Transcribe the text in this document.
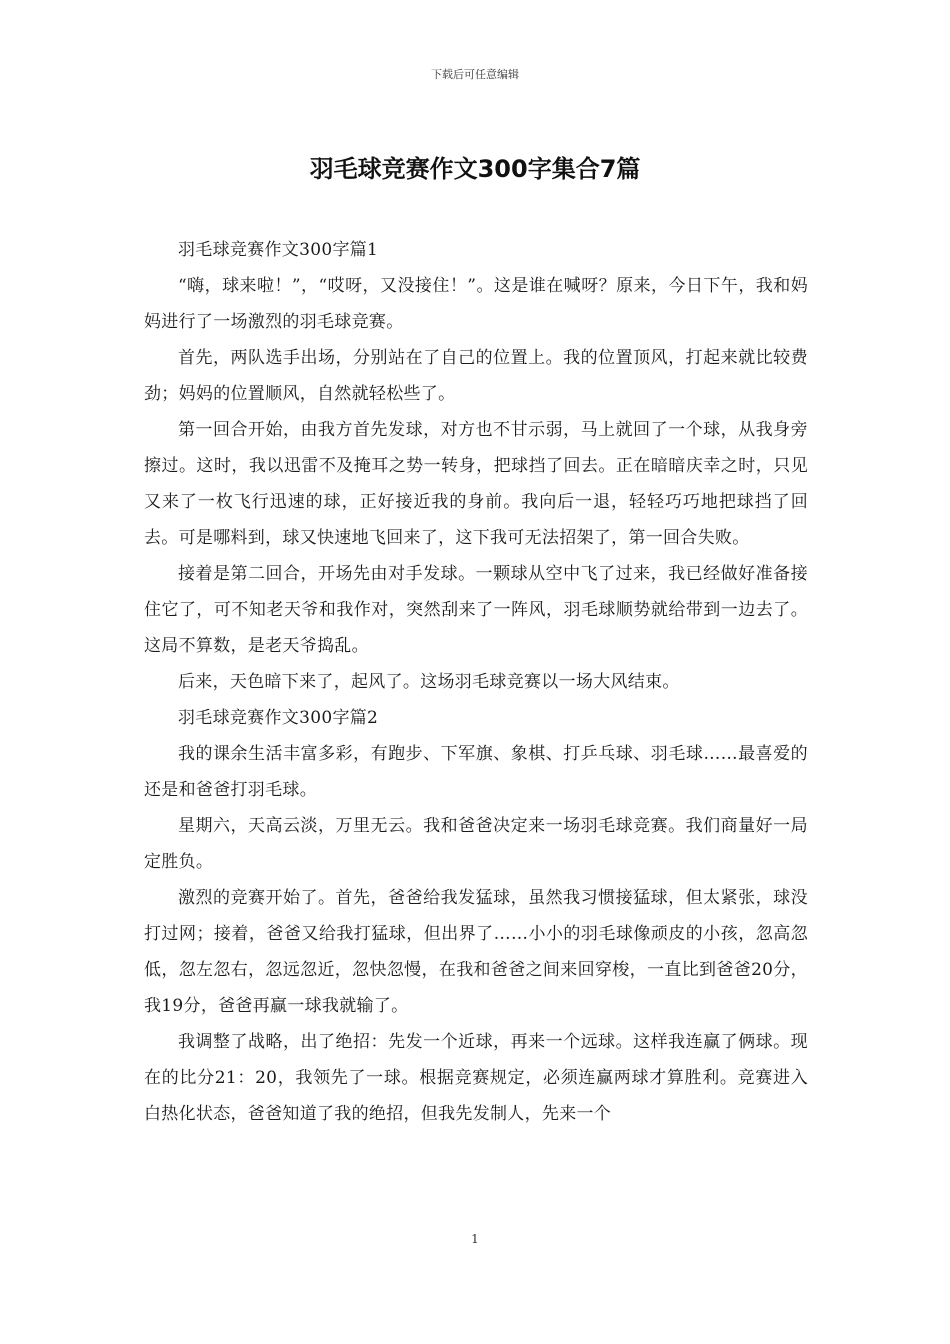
下载后可任意编辑
羽毛球竞赛作文300字集合7篇

羽毛球竞赛作文300字篇1

“嗨，球来啦！”，“哎呀，又没接住！”。这是谁在喊呀？原来，今日下午，我和妈妈进行了一场激烈的羽毛球竞赛。

首先，两队选手出场，分别站在了自己的位置上。我的位置顶风，打起来就比较费劲；妈妈的位置顺风，自然就轻松些了。

第一回合开始，由我方首先发球，对方也不甘示弱，马上就回了一个球，从我身旁擦过。这时，我以迅雷不及掩耳之势一转身，把球挡了回去。正在暗暗庆幸之时，只见又来了一枚飞行迅速的球，正好接近我的身前。我向后一退，轻轻巧巧地把球挡了回去。可是哪料到，球又快速地飞回来了，这下我可无法招架了，第一回合失败。

接着是第二回合，开场先由对手发球。一颗球从空中飞了过来，我已经做好准备接住它了，可不知老天爷和我作对，突然刮来了一阵风，羽毛球顺势就给带到一边去了。这局不算数，是老天爷捣乱。

后来，天色暗下来了，起风了。这场羽毛球竞赛以一场大风结束。

羽毛球竞赛作文300字篇2

我的课余生活丰富多彩，有跑步、下军旗、象棋、打乒乓球、羽毛球……最喜爱的还是和爸爸打羽毛球。

星期六，天高云淡，万里无云。我和爸爸决定来一场羽毛球竞赛。我们商量好一局定胜负。

激烈的竞赛开始了。首先，爸爸给我发猛球，虽然我习惯接猛球，但太紧张，球没打过网；接着，爸爸又给我打猛球，但出界了……小小的羽毛球像顽皮的小孩，忽高忽低，忽左忽右，忽远忽近，忽快忽慢，在我和爸爸之间来回穿梭，一直比到爸爸20分，我19分，爸爸再赢一球我就输了。

我调整了战略，出了绝招：先发一个近球，再来一个远球。这样我连赢了俩球。现在的比分21：20，我领先了一球。根据竞赛规定，必须连赢两球才算胜利。竞赛进入白热化状态，爸爸知道了我的绝招，但我先发制人，先来一个

1
